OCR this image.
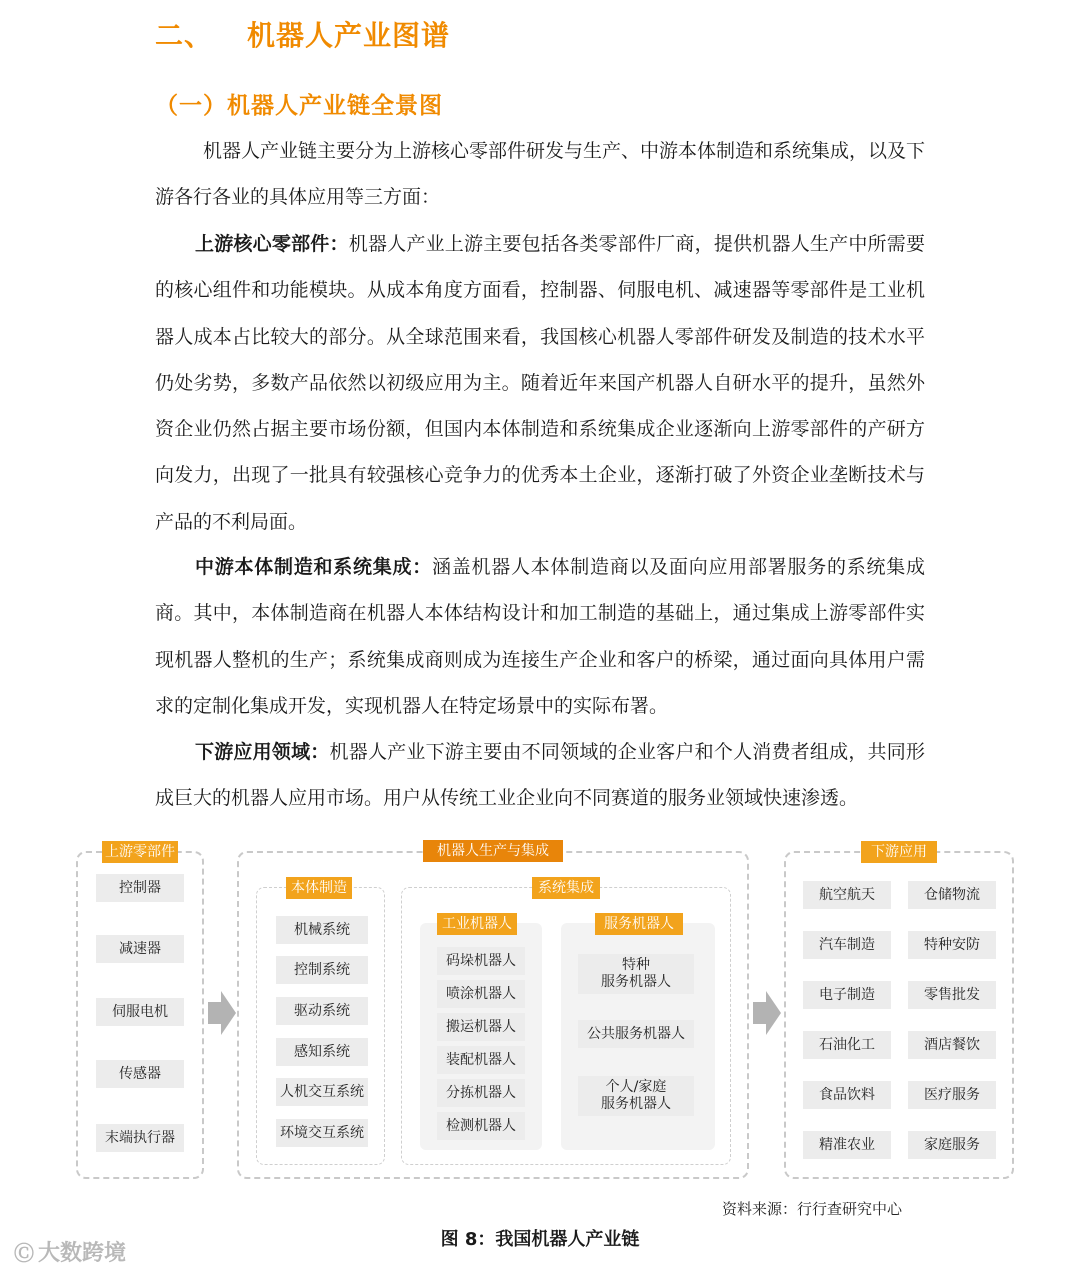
二、 机器人产业图谱
（一）机器人产业链全景图
机器人产业链主要分为上游核心零部件研发与生产、中游本体制造和系统集成，以及下游各行各业的具体应用等三方面：
上游核心零部件：机器人产业上游主要包括各类零部件厂商，提供机器人生产中所需要的核心组件和功能模块。从成本角度方面看，控制器、伺服电机、减速器等零部件是工业机器人成本占比较大的部分。从全球范围来看，我国核心机器人零部件研发及制造的技术水平仍处劣势，多数产品依然以初级应用为主。随着近年来国产机器人自研水平的提升，虽然外资企业仍然占据主要市场份额，但国内本体制造和系统集成企业逐渐向上游零部件的产研方向发力，出现了一批具有较强核心竞争力的优秀本土企业，逐渐打破了外资企业垄断技术与产品的不利局面。
中游本体制造和系统集成：涵盖机器人本体制造商以及面向应用部署服务的系统集成商。其中，本体制造商在机器人本体结构设计和加工制造的基础上，通过集成上游零部件实现机器人整机的生产；系统集成商则成为连接生产企业和客户的桥梁，通过面向具体用户需求的定制化集成开发，实现机器人在特定场景中的实际布署。
下游应用领域：机器人产业下游主要由不同领域的企业客户和个人消费者组成，共同形成巨大的机器人应用市场。用户从传统工业企业向不同赛道的服务业领域快速渗透。
上游零部件
控制器
减速器
伺服电机
传感器
末端执行器
机器人生产与集成
本体制造
机械系统
控制系统
驱动系统
感知系统
人机交互系统
环境交互系统
系统集成
工业机器人
码垛机器人
喷涂机器人
搬运机器人
装配机器人
分拣机器人
检测机器人
服务机器人
特种
服务机器人
公共服务机器人
个人/家庭
服务机器人
下游应用
航空航天
汽车制造
电子制造
石油化工
食品饮料
精准农业
仓储物流
特种安防
零售批发
酒店餐饮
医疗服务
家庭服务
资料来源：行行查研究中心
图 8：我国机器人产业链
Ⓒ 大数跨境
